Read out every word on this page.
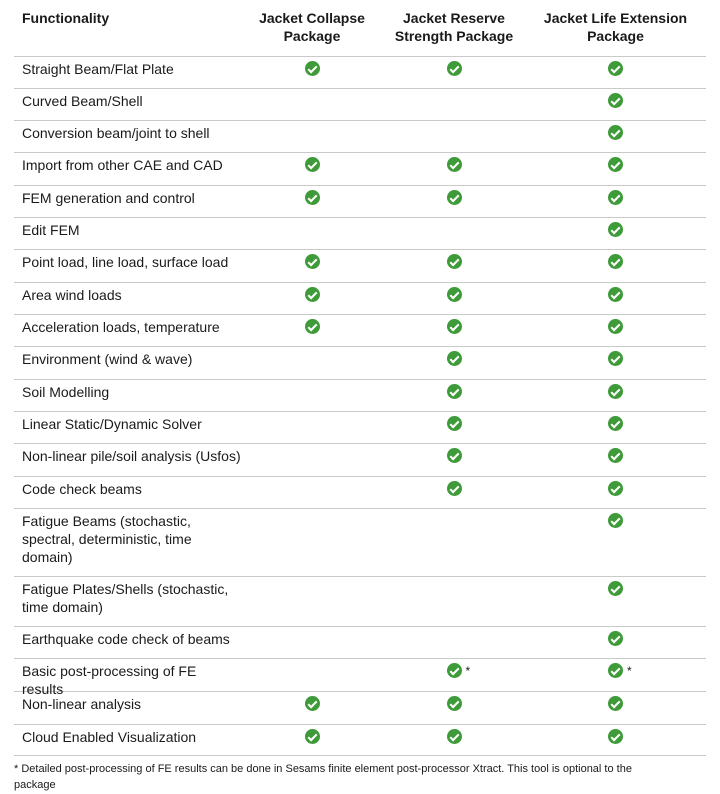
Functionality	Jacket Collapse Package
Jacket Reserve Strength Package
Jacket Life Extension Package
Straight Beam/Flat Plate
Curved Beam/Shell
Conversion beam/joint to shell
Import from other CAE and CAD
FEM generation and control
Edit FEM
Point load, line load, surface load
Area wind loads
Acceleration loads, temperature
Environment (wind & wave)
Soil Modelling
Linear Static/Dynamic Solver
Non-linear pile/soil analysis (Usfos)
Code check beams
Fatigue Beams (stochastic, spectral, deterministic, time domain)
Fatigue Plates/Shells (stochastic, time domain)
Earthquake code check of beams
Basic post-processing of FE results
*	*
Non-linear analysis
Cloud Enabled Visualization
* Detailed post-processing of FE results can be done in Sesams finite element post-processor Xtract. This tool is optional to the package
